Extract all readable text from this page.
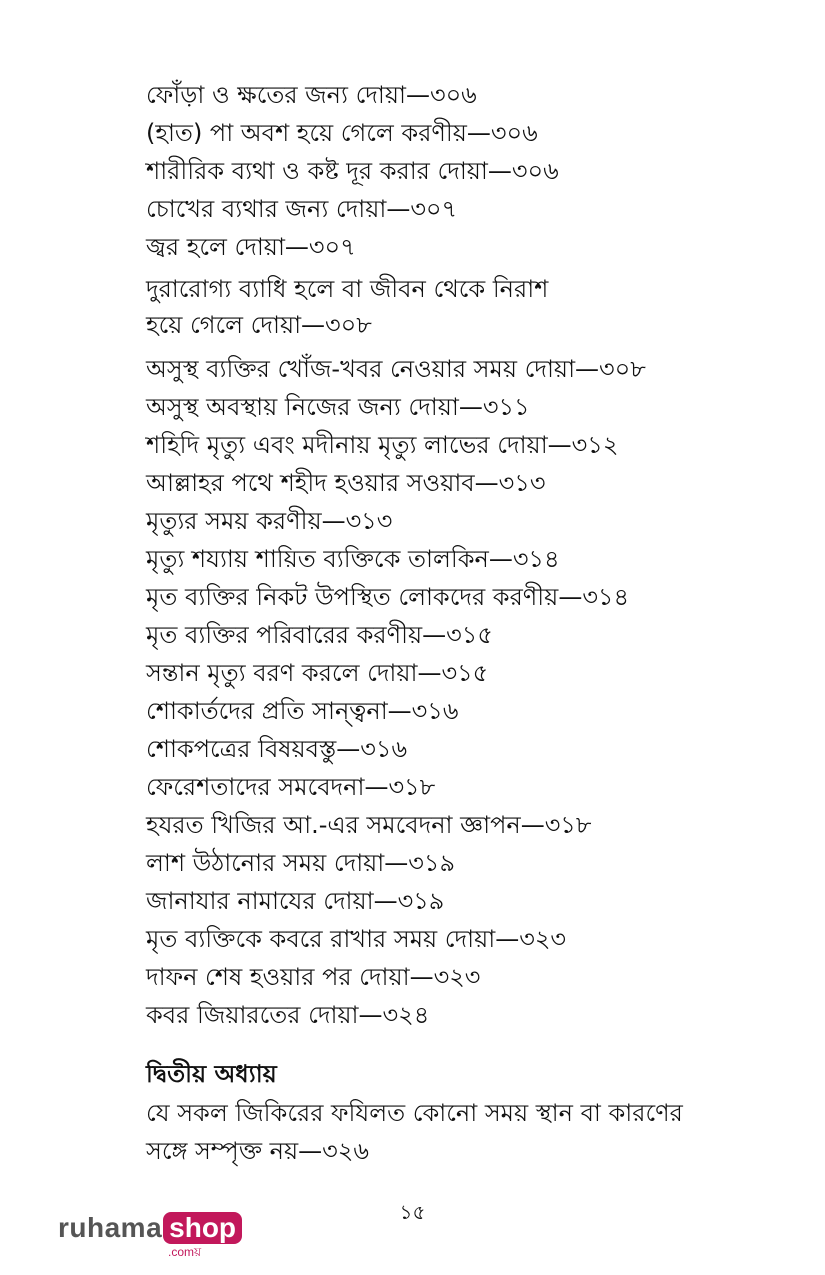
ফোঁড়া ও ক্ষতের জন্য দোয়া—৩০৬
(হাত) পা অবশ হয়ে গেলে করণীয়—৩০৬
শারীরিক ব্যথা ও কষ্ট দূর করার দোয়া—৩০৬
চোখের ব্যথার জন্য দোয়া—৩০৭
জ্বর হলে দোয়া—৩০৭
দুরারোগ্য ব্যাধি হলে বা জীবন থেকে নিরাশ
হয়ে গেলে দোয়া—৩০৮
অসুস্থ ব্যক্তির খোঁজ-খবর নেওয়ার সময় দোয়া—৩০৮
অসুস্থ অবস্থায় নিজের জন্য দোয়া—৩১১
শহিদি মৃত্যু এবং মদীনায় মৃত্যু লাভের দোয়া—৩১২
আল্লাহর পথে শহীদ হওয়ার সওয়াব—৩১৩
মৃত্যুর সময় করণীয়—৩১৩
মৃত্যু শয্যায় শায়িত ব্যক্তিকে তালকিন—৩১৪
মৃত ব্যক্তির নিকট উপস্থিত লোকদের করণীয়—৩১৪
মৃত ব্যক্তির পরিবারের করণীয়—৩১৫
সন্তান মৃত্যু বরণ করলে দোয়া—৩১৫
শোকার্তদের প্রতি সান্ত্বনা—৩১৬
শোকপত্রের বিষয়বস্তু—৩১৬
ফেরেশতাদের সমবেদনা—৩১৮
হযরত খিজির আ.-এর সমবেদনা জ্ঞাপন—৩১৮
লাশ উঠানোর সময় দোয়া—৩১৯
জানাযার নামাযের দোয়া—৩১৯
মৃত ব্যক্তিকে কবরে রাখার সময় দোয়া—৩২৩
দাফন শেষ হওয়ার পর দোয়া—৩২৩
কবর জিয়ারতের দোয়া—৩২৪
দ্বিতীয় অধ্যায়
যে সকল জিকিরের ফযিলত কোনো সময় স্থান বা কারণের
সঙ্গে সম্পৃক্ত নয়—৩২৬
১৫
ruhama shop
.comয়
